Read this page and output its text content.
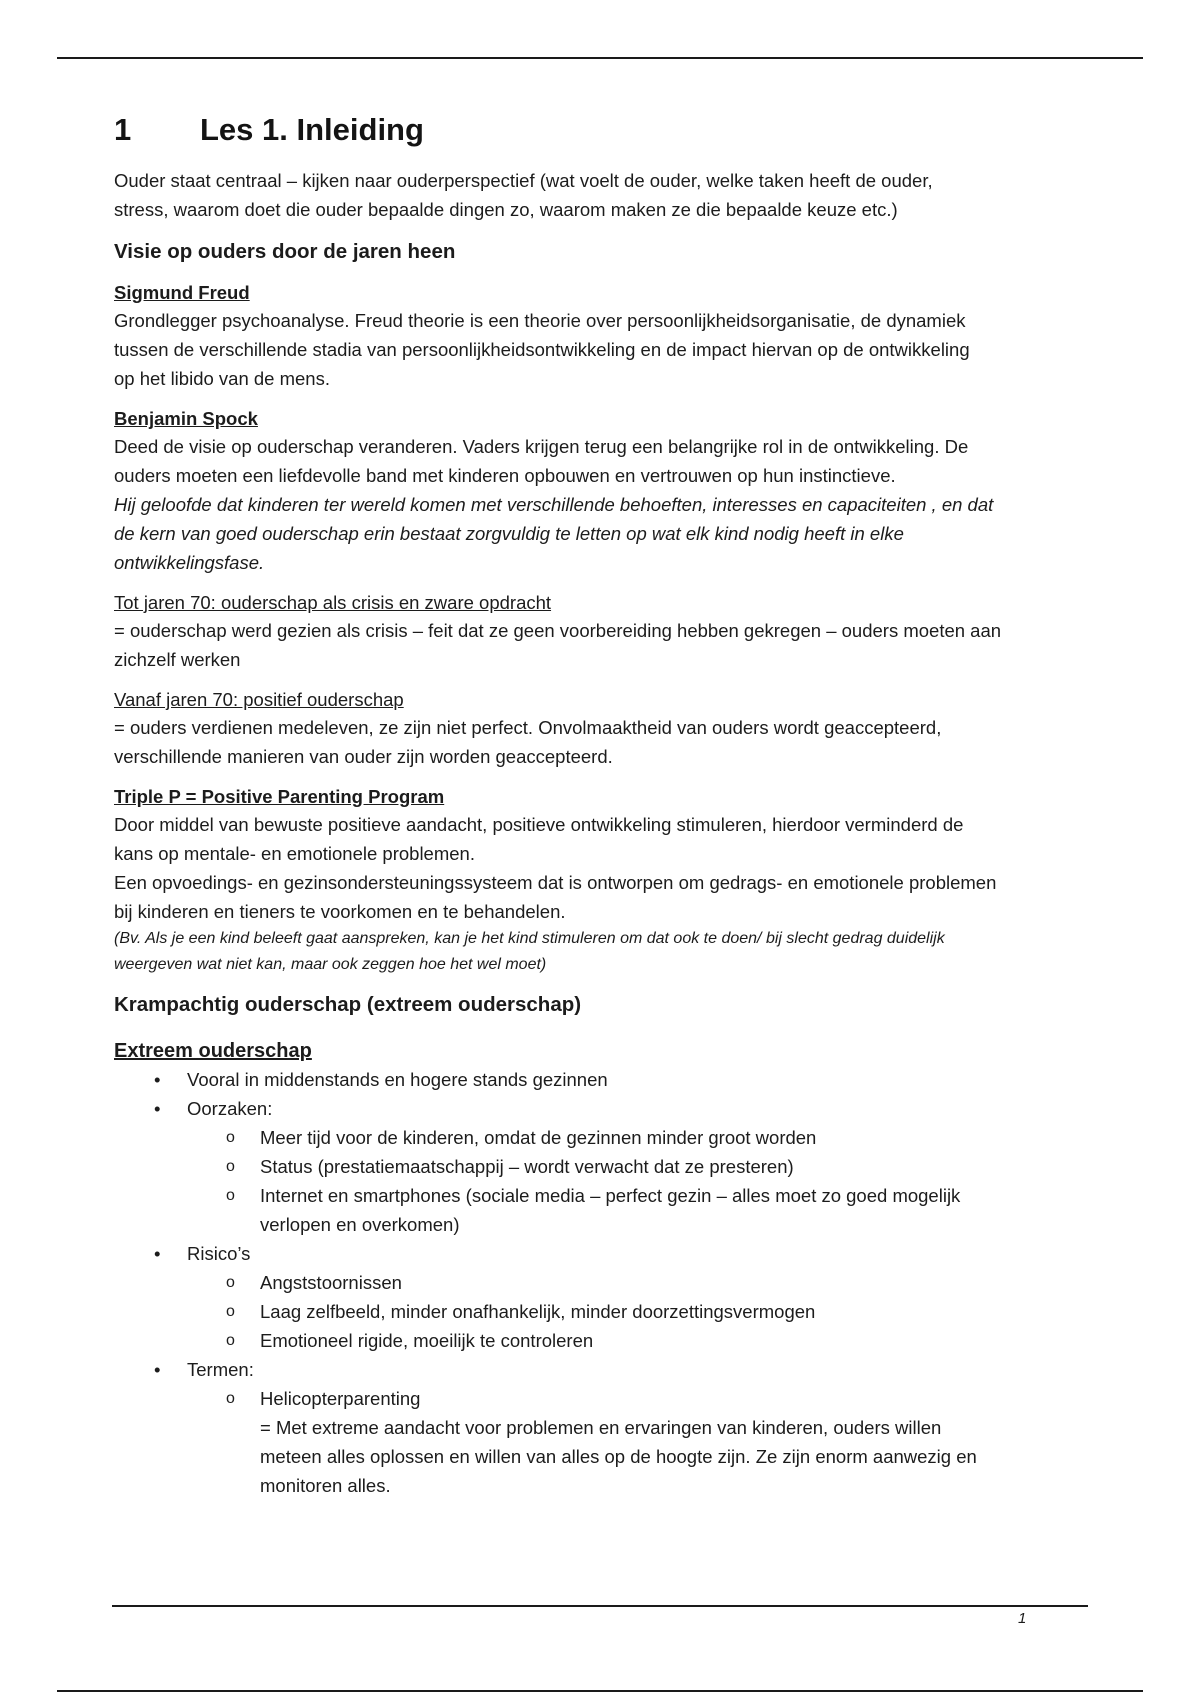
1	Les 1. Inleiding
Ouder staat centraal – kijken naar ouderperspectief (wat voelt de ouder, welke taken heeft de ouder,
stress, waarom doet die ouder bepaalde dingen zo, waarom maken ze die bepaalde keuze etc.)
Visie op ouders door de jaren heen
Sigmund Freud
Grondlegger psychoanalyse. Freud theorie is een theorie over persoonlijkheidsorganisatie, de dynamiek
tussen de verschillende stadia van persoonlijkheidsontwikkeling en de impact hiervan op de ontwikkeling
op het libido van de mens.
Benjamin Spock
Deed de visie op ouderschap veranderen. Vaders krijgen terug een belangrijke rol in de ontwikkeling. De
ouders moeten een liefdevolle band met kinderen opbouwen en vertrouwen op hun instinctieve.
Hij geloofde dat kinderen ter wereld komen met verschillende behoeften, interesses en capaciteiten , en dat
de kern van goed ouderschap erin bestaat zorgvuldig te letten op wat elk kind nodig heeft in elke
ontwikkelingsfase.
Tot jaren 70: ouderschap als crisis en zware opdracht
= ouderschap werd gezien als crisis – feit dat ze geen voorbereiding hebben gekregen – ouders moeten aan
zichzelf werken
Vanaf jaren 70: positief ouderschap
= ouders verdienen medeleven, ze zijn niet perfect. Onvolmaaktheid van ouders wordt geaccepteerd,
verschillende manieren van ouder zijn worden geaccepteerd.
Triple P = Positive Parenting Program
Door middel van bewuste positieve aandacht, positieve ontwikkeling stimuleren, hierdoor verminderd de
kans op mentale- en emotionele problemen.
Een opvoedings- en gezinsondersteuningssysteem dat is ontworpen om gedrags- en emotionele problemen
bij kinderen en tieners te voorkomen en te behandelen.
(Bv. Als je een kind beleeft gaat aanspreken, kan je het kind stimuleren om dat ook te doen/ bij slecht gedrag duidelijk
weergeven wat niet kan, maar ook zeggen hoe het wel moet)
Krampachtig ouderschap (extreem ouderschap)
Extreem ouderschap
• Vooral in middenstands en hogere stands gezinnen
• Oorzaken:
o Meer tijd voor de kinderen, omdat de gezinnen minder groot worden
o Status (prestatiemaatschappij – wordt verwacht dat ze presteren)
o Internet en smartphones (sociale media – perfect gezin – alles moet zo goed mogelijk
verlopen en overkomen)
• Risico’s
o Angststoornissen
o Laag zelfbeeld, minder onafhankelijk, minder doorzettingsvermogen
o Emotioneel rigide, moeilijk te controleren
• Termen:
o Helicopterparenting
= Met extreme aandacht voor problemen en ervaringen van kinderen, ouders willen
meteen alles oplossen en willen van alles op de hoogte zijn. Ze zijn enorm aanwezig en
monitoren alles.
1
